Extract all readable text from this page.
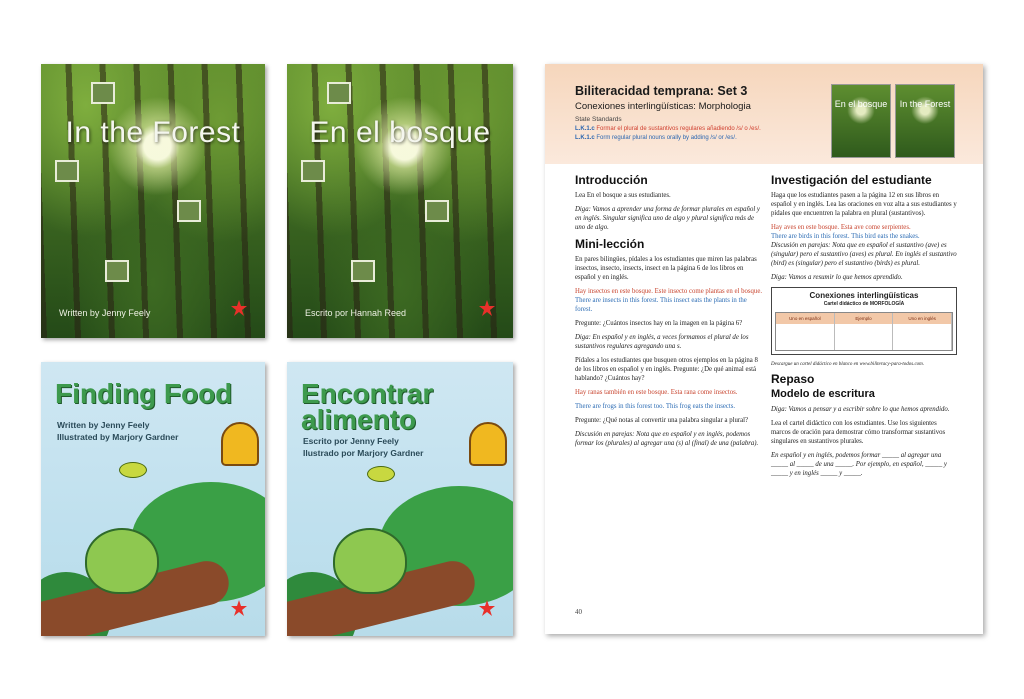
In the Forest
Written by Jenny Feely
En el bosque
Escrito por Hannah Reed
Finding Food
Written by Jenny Feely
Illustrated by Marjory Gardner
Encontrar
alimento
Escrito por Jenny Feely
Ilustrado por Marjory Gardner
Biliteracidad temprana: Set 3
Conexiones interlingüísticas: Morphologia
State Standards
L.K.1.c Formar el plural de sustantivos regulares añadiendo /s/ o /es/.
L.K.1.c Form regular plural nouns orally by adding /s/ or /es/.
En el bosque	In the Forest
Introducción

Lea En el bosque a sus estudiantes.

Diga: Vamos a aprender una forma de formar plurales en español y en inglés. Singular significa uno de algo y plural significa más de uno de algo.

Mini-lección

En pares bilingües, pídales a los estudiantes que miren las palabras insectos, insecto, insects, insect en la página 6 de los libros en español y en inglés.

Hay insectos en este bosque. Este insecto come plantas en el bosque.

There are insects in this forest. This insect eats the plants in the forest.

Pregunte: ¿Cuántos insectos hay en la imagen en la página 6?

Diga: En español y en inglés, a veces formamos el plural de los sustantivos regulares agregando una s.

Pídales a los estudiantes que busquen otros ejemplos en la página 8 de los libros en español y en inglés. Pregunte: ¿De qué animal está hablando? ¿Cuántos hay?

Hay ranas también en este bosque. Esta rana come insectos.

There are frogs in this forest too. This frog eats the insects.

Pregunte: ¿Qué notas al convertir una palabra singular a plural?

Discusión en parejas: Nota que en español y en inglés, podemos formar los (plurales) al agregar una (s) al (final) de una (palabra).

Investigación del estudiante

Haga que los estudiantes pasen a la página 12 en sus libros en español y en inglés. Lea las oraciones en voz alta a sus estudiantes y pídales que encuentren la palabra en plural (sustantivos).

Hay aves en este bosque. Esta ave come serpientes.

There are birds in this forest. This bird eats the snakes.

Discusión en parejas: Nota que en español el sustantivo (ave) es (singular) pero el sustantivo (aves) es plural. En inglés el sustantivo (bird) es (singular) pero el sustantivo (birds) es plural.

Diga: Vamos a resumir lo que hemos aprendido.

Conexiones interlingüísticas
Cartel didáctico de MORFOLOGÍA
Uno en español	Ejemplo	Uno en inglés

Descargue un cartel didáctico en blanco en www.biliteracy-para-todos.com.

Repaso
Modelo de escritura

Diga: Vamos a pensar y a escribir sobre lo que hemos aprendido.

Lea el cartel didáctico con los estudiantes. Use los siguientes marcos de oración para demostrar cómo transformar sustantivos singulares en sustantivos plurales.

En español y en inglés, podemos formar _____ al agregar una _____ al _____ de una _____. Por ejemplo, en español, _____ y _____ y en inglés _____ y _____.

40
